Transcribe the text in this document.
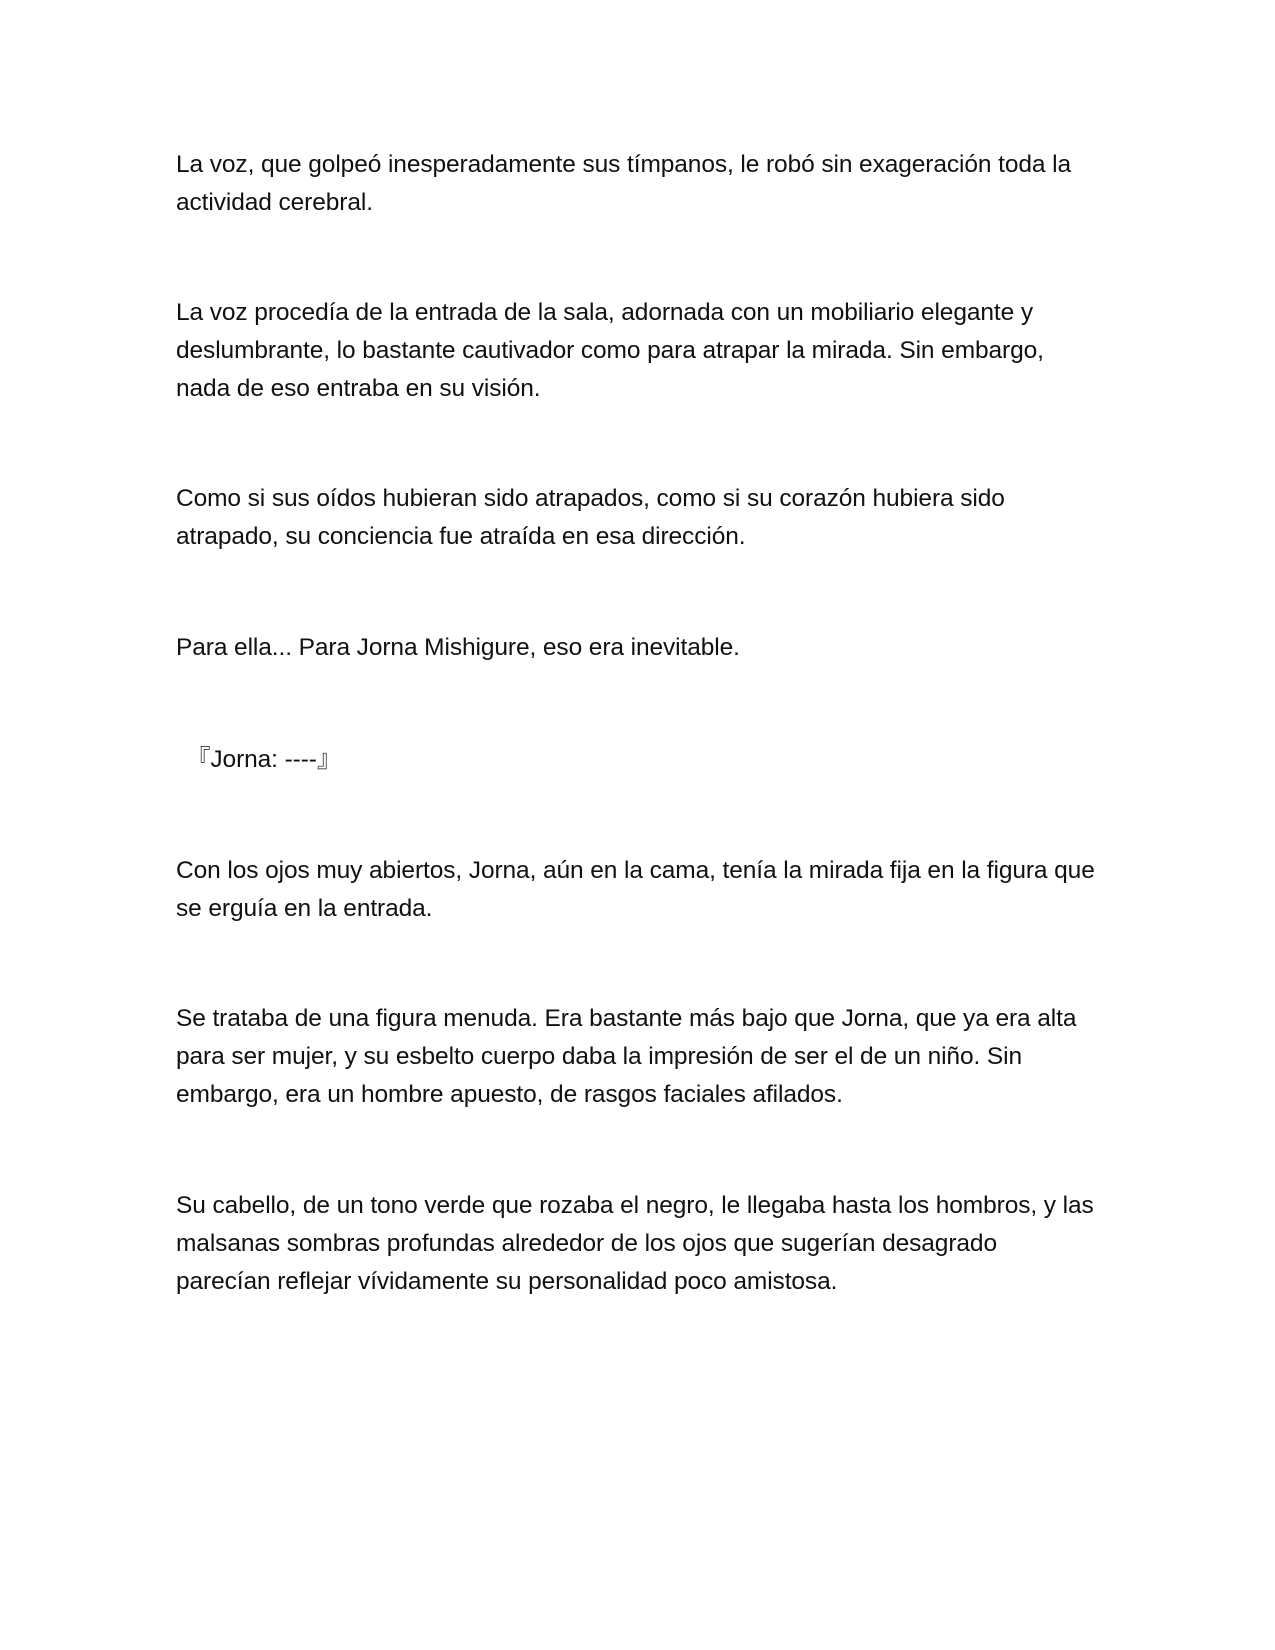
La voz, que golpeó inesperadamente sus tímpanos, le robó sin exageración toda la actividad cerebral.

La voz procedía de la entrada de la sala, adornada con un mobiliario elegante y deslumbrante, lo bastante cautivador como para atrapar la mirada. Sin embargo, nada de eso entraba en su visión.

Como si sus oídos hubieran sido atrapados, como si su corazón hubiera sido atrapado, su conciencia fue atraída en esa dirección.

Para ella... Para Jorna Mishigure, eso era inevitable.

『Jorna: ----』

Con los ojos muy abiertos, Jorna, aún en la cama, tenía la mirada fija en la figura que se erguía en la entrada.

Se trataba de una figura menuda. Era bastante más bajo que Jorna, que ya era alta para ser mujer, y su esbelto cuerpo daba la impresión de ser el de un niño. Sin embargo, era un hombre apuesto, de rasgos faciales afilados.

Su cabello, de un tono verde que rozaba el negro, le llegaba hasta los hombros, y las malsanas sombras profundas alrededor de los ojos que sugerían desagrado parecían reflejar vívidamente su personalidad poco amistosa.
